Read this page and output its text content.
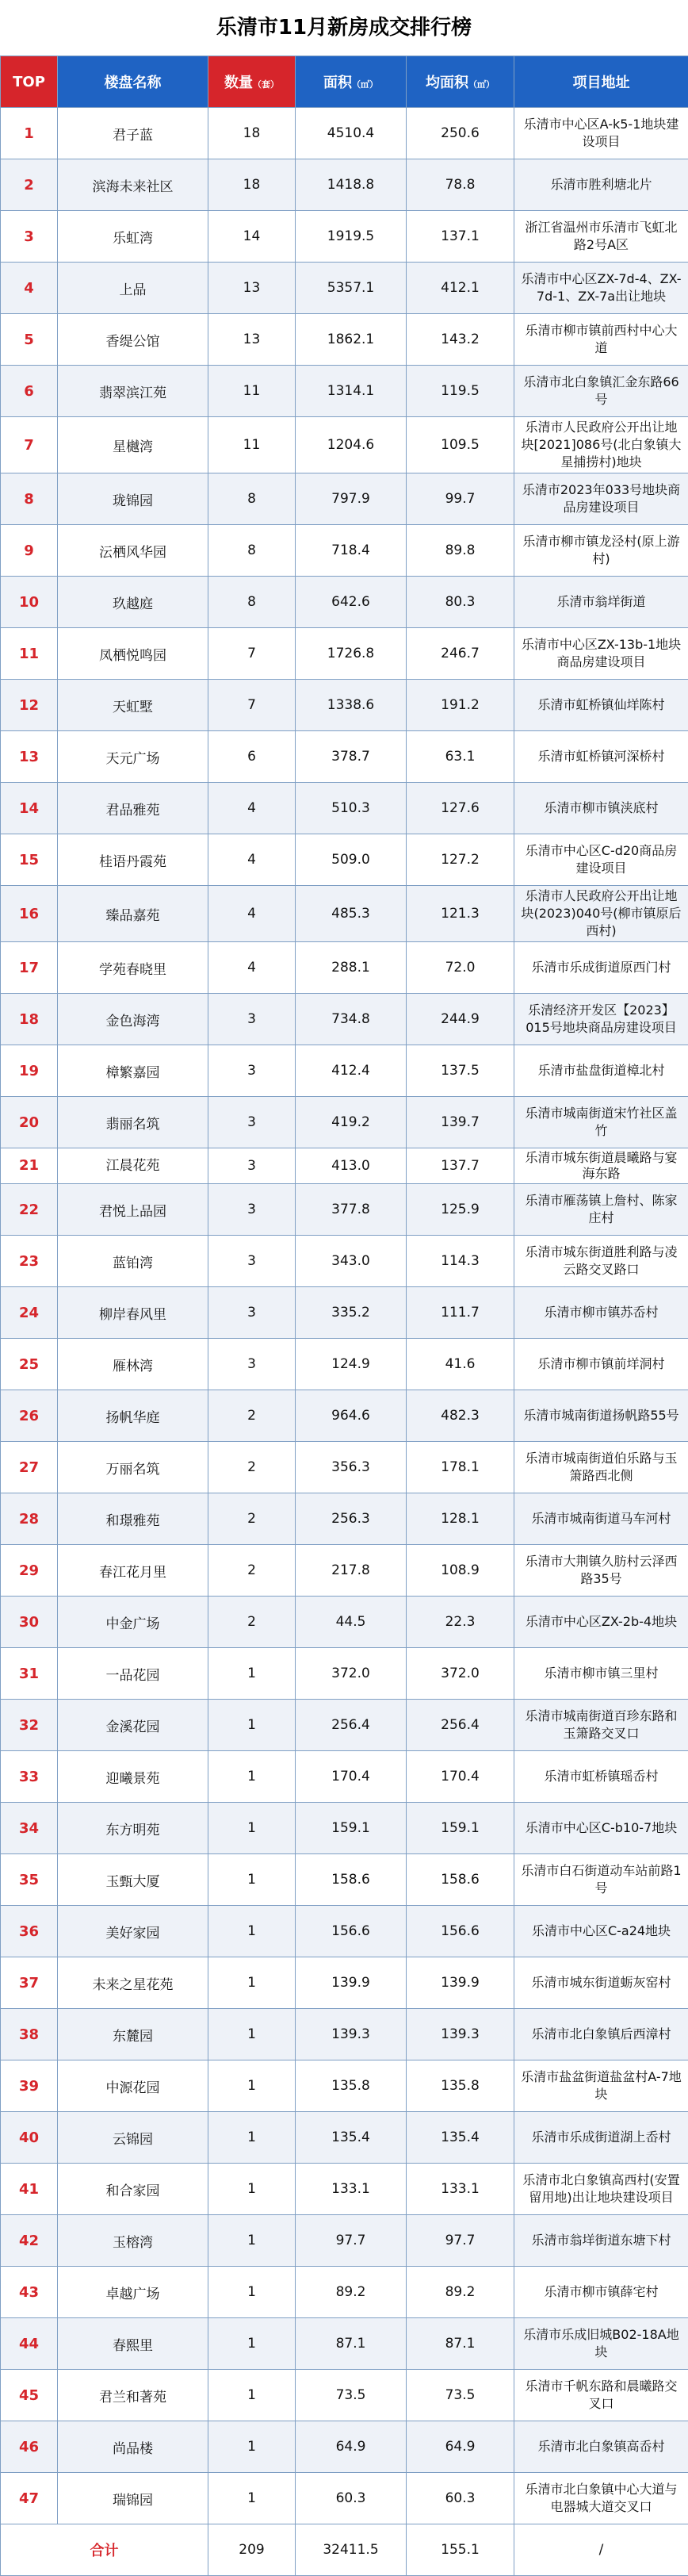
乐清市11月新房成交排行榜
TOP	楼盘名称	数量（套）	面积（㎡）	均面积（㎡）	项目地址
1	君子蓝	18	4510.4	250.6	乐清市中心区A-k5-1地块建设项目
2	滨海未来社区	18	1418.8	78.8	乐清市胜利塘北片
3	乐虹湾	14	1919.5	137.1	浙江省温州市乐清市飞虹北路2号A区
4	上品	13	5357.1	412.1	乐清市中心区ZX-7d-4、ZX-7d-1、ZX-7a出让地块
5	香缇公馆	13	1862.1	143.2	乐清市柳市镇前西村中心大道
6	翡翠滨江苑	11	1314.1	119.5	乐清市北白象镇汇金东路66号
7	星樾湾	11	1204.6	109.5	乐清市人民政府公开出让地块[2021]086号(北白象镇大星捕捞村)地块
8	珑锦园	8	797.9	99.7	乐清市2023年033号地块商品房建设项目
9	沄栖风华园	8	718.4	89.8	乐清市柳市镇龙泾村(原上游村)
10	玖越庭	8	642.6	80.3	乐清市翁垟街道
11	凤栖悦鸣园	7	1726.8	246.7	乐清市中心区ZX-13b-1地块商品房建设项目
12	天虹墅	7	1338.6	191.2	乐清市虹桥镇仙垟陈村
13	天元广场	6	378.7	63.1	乐清市虹桥镇河深桥村
14	君品雅苑	4	510.3	127.6	乐清市柳市镇浃底村
15	桂语丹霞苑	4	509.0	127.2	乐清市中心区C-d20商品房建设项目
16	臻品嘉苑	4	485.3	121.3	乐清市人民政府公开出让地块(2023)040号(柳市镇原后西村)
17	学苑春晓里	4	288.1	72.0	乐清市乐成街道原西门村
18	金色海湾	3	734.8	244.9	乐清经济开发区【2023】015号地块商品房建设项目
19	樟繁嘉园	3	412.4	137.5	乐清市盐盘街道樟北村
20	翡丽名筑	3	419.2	139.7	乐清市城南街道宋竹社区盖竹
21	江晨花苑	3	413.0	137.7	乐清市城东街道晨曦路与宴海东路
22	君悦上品园	3	377.8	125.9	乐清市雁荡镇上詹村、陈家庄村
23	蓝铂湾	3	343.0	114.3	乐清市城东街道胜利路与凌云路交叉路口
24	柳岸春风里	3	335.2	111.7	乐清市柳市镇苏岙村
25	雁林湾	3	124.9	41.6	乐清市柳市镇前垟洞村
26	扬帆华庭	2	964.6	482.3	乐清市城南街道扬帆路55号
27	万丽名筑	2	356.3	178.1	乐清市城南街道伯乐路与玉箫路西北侧
28	和璟雅苑	2	256.3	128.1	乐清市城南街道马车河村
29	春江花月里	2	217.8	108.9	乐清市大荆镇久肪村云泽西路35号
30	中金广场	2	44.5	22.3	乐清市中心区ZX-2b-4地块
31	一品花园	1	372.0	372.0	乐清市柳市镇三里村
32	金溪花园	1	256.4	256.4	乐清市城南街道百珍东路和玉箫路交叉口
33	迎曦景苑	1	170.4	170.4	乐清市虹桥镇瑶岙村
34	东方明苑	1	159.1	159.1	乐清市中心区C-b10-7地块
35	玉甄大厦	1	158.6	158.6	乐清市白石街道动车站前路1号
36	美好家园	1	156.6	156.6	乐清市中心区C-a24地块
37	未来之星花苑	1	139.9	139.9	乐清市城东街道蛎灰窑村
38	东麓园	1	139.3	139.3	乐清市北白象镇后西漳村
39	中源花园	1	135.8	135.8	乐清市盐盆街道盐盆村A-7地块
40	云锦园	1	135.4	135.4	乐清市乐成街道湖上岙村
41	和合家园	1	133.1	133.1	乐清市北白象镇高西村(安置留用地)出让地块建设项目
42	玉榕湾	1	97.7	97.7	乐清市翁垟街道东塘下村
43	卓越广场	1	89.2	89.2	乐清市柳市镇薛宅村
44	春熙里	1	87.1	87.1	乐清市乐成旧城B02-18A地块
45	君兰和著苑	1	73.5	73.5	乐清市千帆东路和晨曦路交叉口
46	尚品楼	1	64.9	64.9	乐清市北白象镇高岙村
47	瑞锦园	1	60.3	60.3	乐清市北白象镇中心大道与电器城大道交叉口
合计		209	32411.5	155.1	/
